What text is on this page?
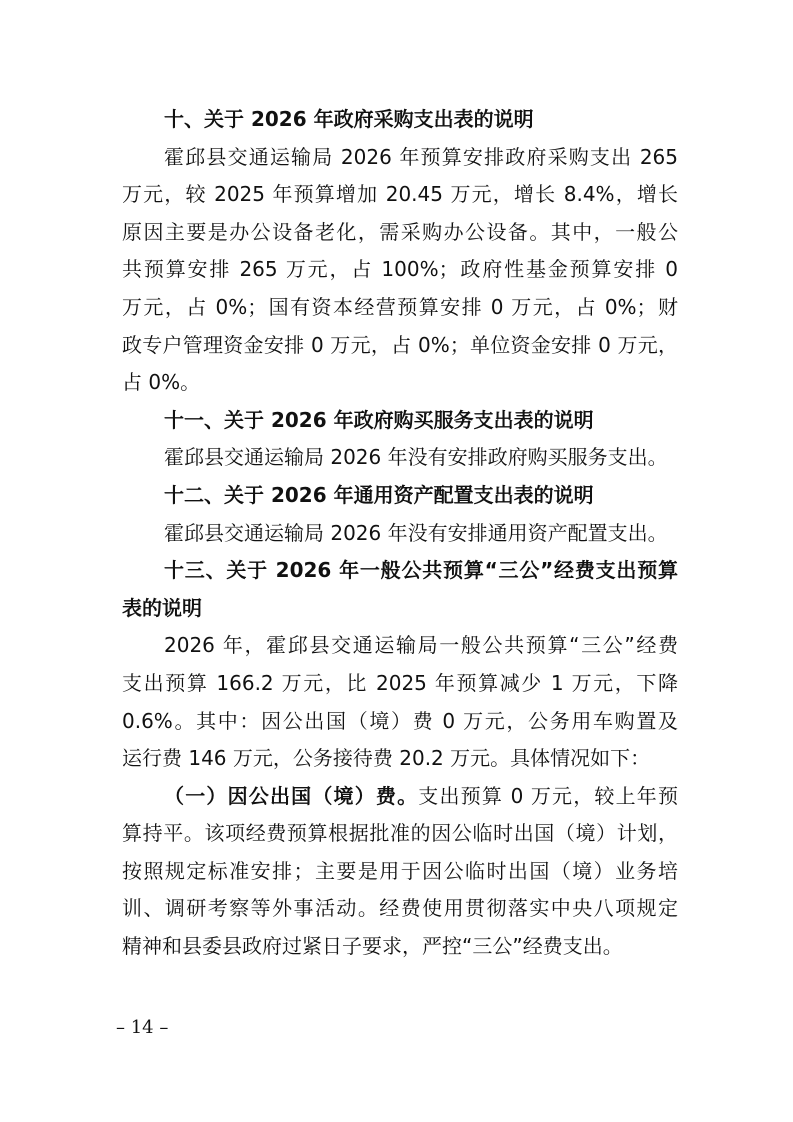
十、关于 2026 年政府采购支出表的说明
霍邱县交通运输局 2026 年预算安排政府采购支出 265
万元，较 2025 年预算增加 20.45 万元，增长 8.4%，增长
原因主要是办公设备老化，需采购办公设备。其中，一般公
共预算安排 265 万元，占 100%；政府性基金预算安排 0
万元，占 0%；国有资本经营预算安排 0 万元，占 0%；财
政专户管理资金安排 0 万元，占 0%；单位资金安排 0 万元，
占 0%。
十一、关于 2026 年政府购买服务支出表的说明
霍邱县交通运输局 2026 年没有安排政府购买服务支出。
十二、关于 2026 年通用资产配置支出表的说明
霍邱县交通运输局 2026 年没有安排通用资产配置支出。
十三、关于 2026 年一般公共预算“三公”经费支出预算
表的说明
2026 年，霍邱县交通运输局一般公共预算“三公”经费
支出预算 166.2 万元，比 2025 年预算减少 1 万元，下降
0.6%。其中：因公出国（境）费 0 万元，公务用车购置及
运行费 146 万元，公务接待费 20.2 万元。具体情况如下：
（一）因公出国（境）费。支出预算 0 万元，较上年预
算持平。该项经费预算根据批准的因公临时出国（境）计划，
按照规定标准安排；主要是用于因公临时出国（境）业务培
训、调研考察等外事活动。经费使用贯彻落实中央八项规定
精神和县委县政府过紧日子要求，严控“三公”经费支出。
– 14 –
